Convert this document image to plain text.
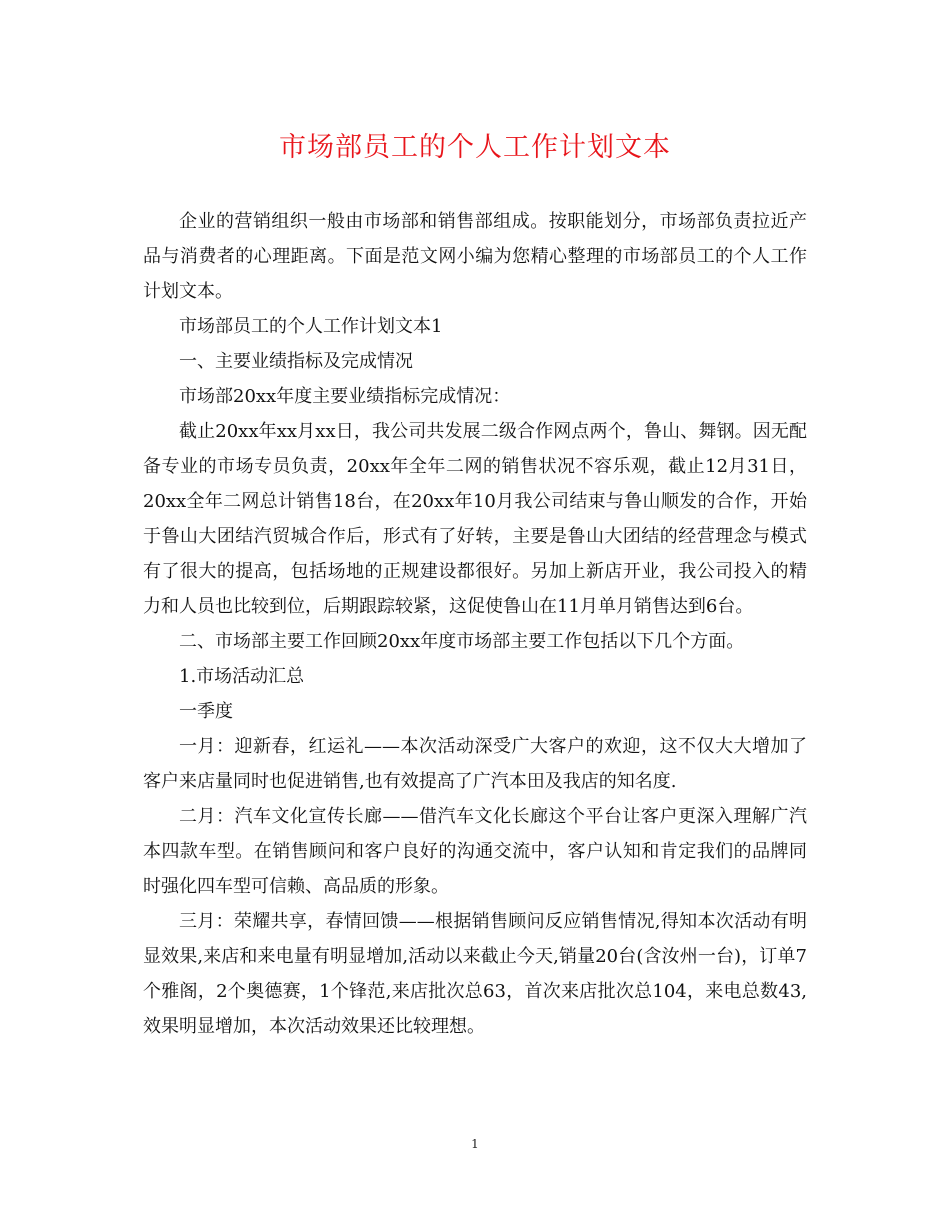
市场部员工的个人工作计划文本

企业的营销组织一般由市场部和销售部组成。按职能划分，市场部负责拉近产品与消费者的心理距离。下面是范文网小编为您精心整理的市场部员工的个人工作计划文本。

市场部员工的个人工作计划文本1

一、主要业绩指标及完成情况

市场部20xx年度主要业绩指标完成情况：

截止20xx年xx月xx日，我公司共发展二级合作网点两个，鲁山、舞钢。因无配备专业的市场专员负责，20xx年全年二网的销售状况不容乐观，截止12月31日，20xx全年二网总计销售18台，在20xx年10月我公司结束与鲁山顺发的合作，开始于鲁山大团结汽贸城合作后，形式有了好转，主要是鲁山大团结的经营理念与模式有了很大的提高，包括场地的正规建设都很好。另加上新店开业，我公司投入的精力和人员也比较到位，后期跟踪较紧，这促使鲁山在11月单月销售达到6台。

二、市场部主要工作回顾20xx年度市场部主要工作包括以下几个方面。

1.市场活动汇总

一季度

一月：迎新春，红运礼——本次活动深受广大客户的欢迎，这不仅大大增加了客户来店量同时也促进销售,也有效提高了广汽本田及我店的知名度.

二月：汽车文化宣传长廊——借汽车文化长廊这个平台让客户更深入理解广汽本四款车型。在销售顾问和客户良好的沟通交流中，客户认知和肯定我们的品牌同时强化四车型可信赖、高品质的形象。

三月：荣耀共享，春情回馈——根据销售顾问反应销售情况,得知本次活动有明显效果,来店和来电量有明显增加,活动以来截止今天,销量20台(含汝州一台)，订单7个雅阁，2个奥德赛，1个锋范,来店批次总63，首次来店批次总104，来电总数43,效果明显增加，本次活动效果还比较理想。

1
